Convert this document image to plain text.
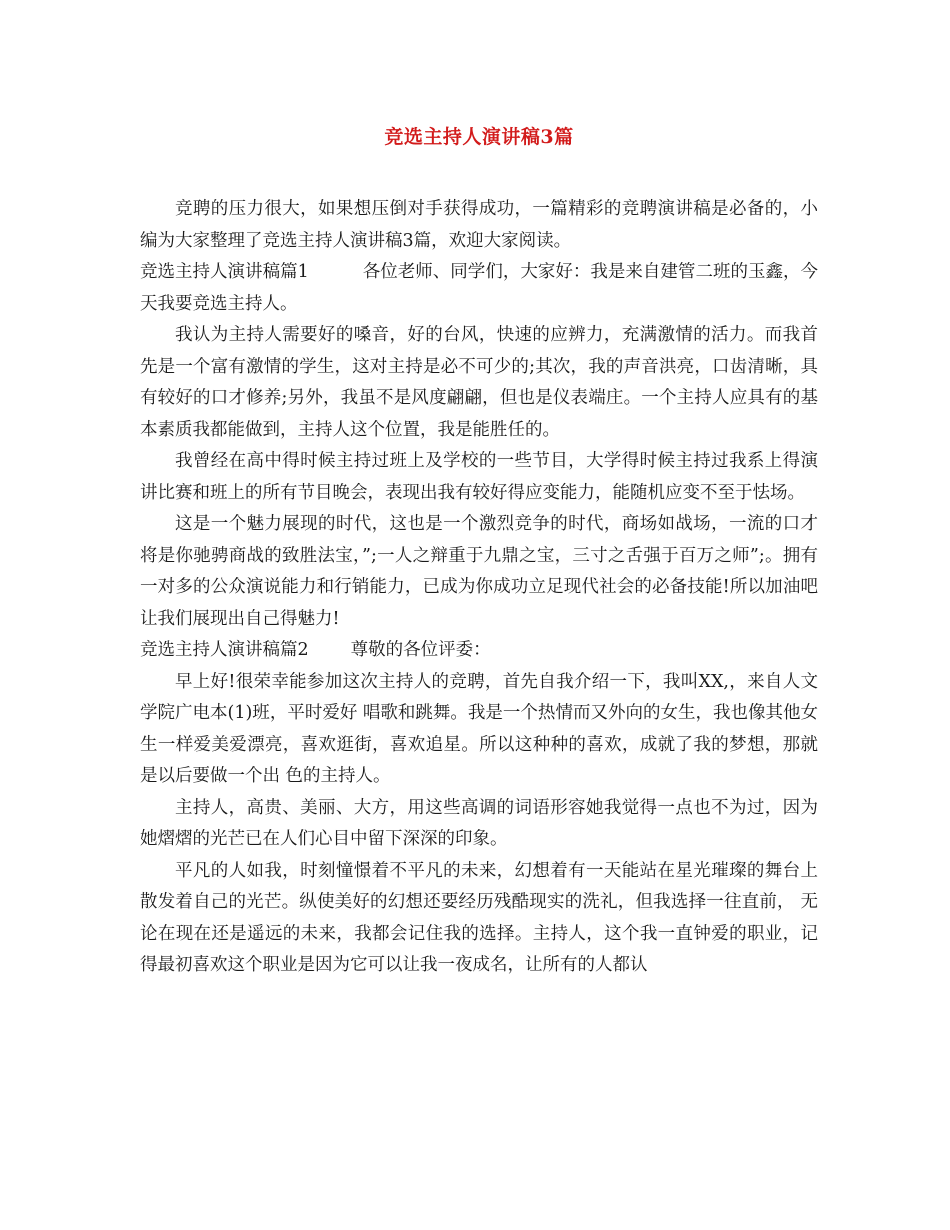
竞选主持人演讲稿3篇

竞聘的压力很大，如果想压倒对手获得成功，一篇精彩的竞聘演讲稿是必备的，小编为大家整理了竞选主持人演讲稿3篇，欢迎大家阅读。

竞选主持人演讲稿篇1	各位老师、同学们，大家好：我是来自建管二班的玉鑫，今天我要竞选主持人。

我认为主持人需要好的嗓音，好的台风，快速的应辨力，充满激情的活力。而我首先是一个富有激情的学生，这对主持是必不可少的;其次，我的声音洪亮，口齿清晰，具有较好的口才修养;另外，我虽不是风度翩翩，但也是仪表端庄。一个主持人应具有的基本素质我都能做到，主持人这个位置，我是能胜任的。

我曾经在高中得时候主持过班上及学校的一些节目，大学得时候主持过我系上得演讲比赛和班上的所有节目晚会，表现出我有较好得应变能力，能随机应变不至于怯场。

这是一个魅力展现的时代，这也是一个激烈竞争的时代，商场如战场，一流的口才将是你驰骋商战的致胜法宝，”;一人之辩重于九鼎之宝，三寸之舌强于百万之师”;。拥有一对多的公众演说能力和行销能力，已成为你成功立足现代社会的必备技能!所以加油吧让我们展现出自己得魅力!

竞选主持人演讲稿篇2 尊敬的各位评委：

早上好!很荣幸能参加这次主持人的竞聘，首先自我介绍一下，我叫XX,，来自人文学院广电本(1)班，平时爱好 唱歌和跳舞。我是一个热情而又外向的女生，我也像其他女生一样爱美爱漂亮，喜欢逛街，喜欢追星。所以这种种的喜欢，成就了我的梦想，那就是以后要做一个出 色的主持人。

主持人，高贵、美丽、大方，用这些高调的词语形容她我觉得一点也不为过，因为她熠熠的光芒已在人们心目中留下深深的印象。

平凡的人如我，时刻憧憬着不平凡的未来，幻想着有一天能站在星光璀璨的舞台上散发着自己的光芒。纵使美好的幻想还要经历残酷现实的洗礼，但我选择一往直前， 无论在现在还是遥远的未来，我都会记住我的选择。主持人，这个我一直钟爱的职业，记得最初喜欢这个职业是因为它可以让我一夜成名，让所有的人都认
